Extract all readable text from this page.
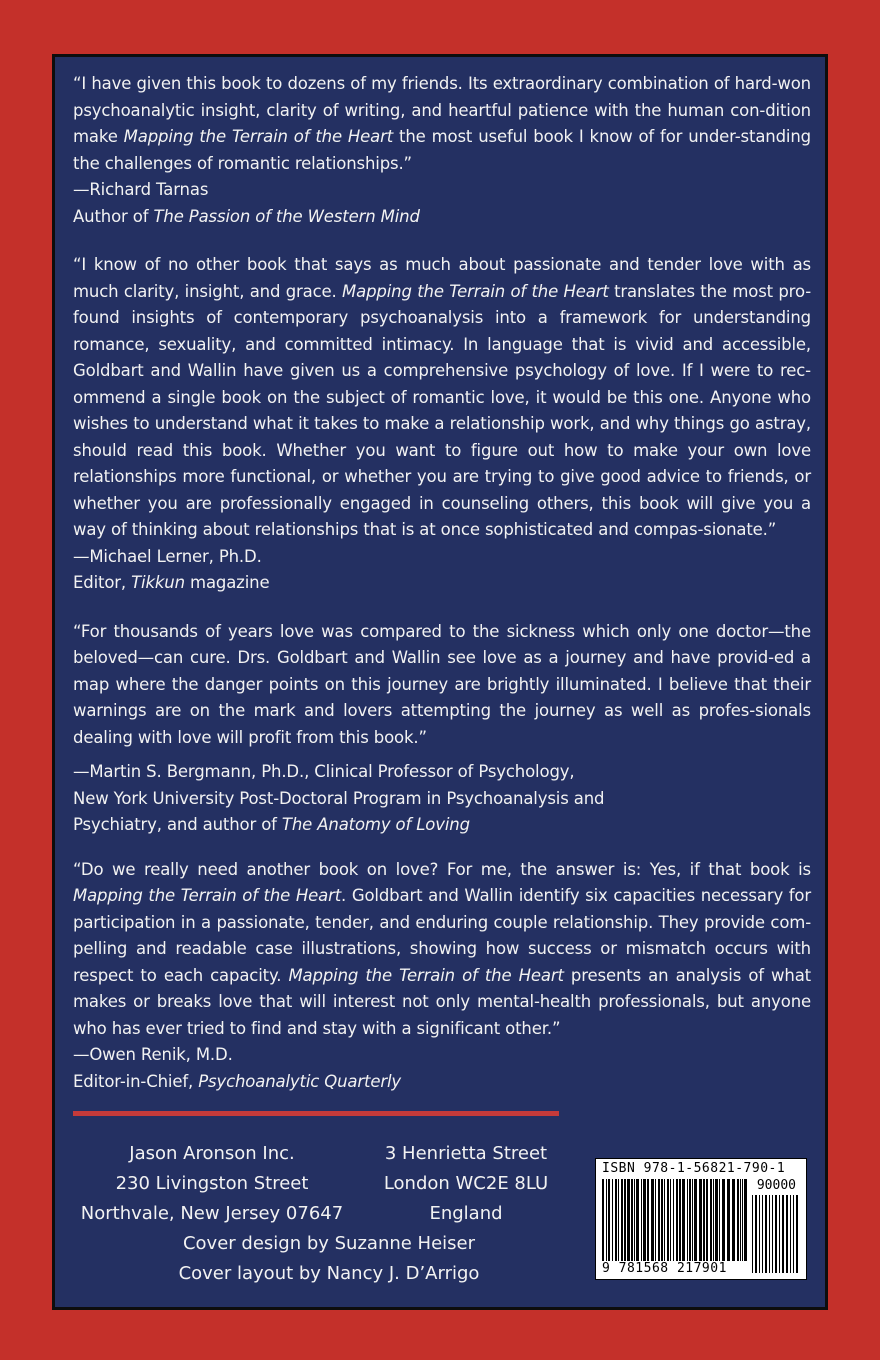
“I have given this book to dozens of my friends. Its extraordinary combination of hard-won psychoanalytic insight, clarity of writing, and heartful patience with the human con-dition make Mapping the Terrain of the Heart the most useful book I know of for under-standing the challenges of romantic relationships.”

—Richard Tarnas

Author of The Passion of the Western Mind

“I know of no other book that says as much about passionate and tender love with as much clarity, insight, and grace. Mapping the Terrain of the Heart translates the most pro-found insights of contemporary psychoanalysis into a framework for understanding romance, sexuality, and committed intimacy. In language that is vivid and accessible, Goldbart and Wallin have given us a comprehensive psychology of love. If I were to rec-ommend a single book on the subject of romantic love, it would be this one. Anyone who wishes to understand what it takes to make a relationship work, and why things go astray, should read this book. Whether you want to figure out how to make your own love relationships more functional, or whether you are trying to give good advice to friends, or whether you are professionally engaged in counseling others, this book will give you a way of thinking about relationships that is at once sophisticated and compas-sionate.”

—Michael Lerner, Ph.D.

Editor, Tikkun magazine

“For thousands of years love was compared to the sickness which only one doctor—the beloved—can cure. Drs. Goldbart and Wallin see love as a journey and have provid-ed a map where the danger points on this journey are brightly illuminated. I believe that their warnings are on the mark and lovers attempting the journey as well as profes-sionals dealing with love will profit from this book.”

—Martin S. Bergmann, Ph.D., Clinical Professor of Psychology,

New York University Post-Doctoral Program in Psychoanalysis and

Psychiatry, and author of The Anatomy of Loving

“Do we really need another book on love? For me, the answer is: Yes, if that book is Mapping the Terrain of the Heart. Goldbart and Wallin identify six capacities necessary for participation in a passionate, tender, and enduring couple relationship. They provide com-pelling and readable case illustrations, showing how success or mismatch occurs with respect to each capacity. Mapping the Terrain of the Heart presents an analysis of what makes or breaks love that will interest not only mental-health professionals, but anyone who has ever tried to find and stay with a significant other.”

—Owen Renik, M.D.

Editor-in-Chief, Psychoanalytic Quarterly

Jason Aronson Inc.
230 Livingston Street
Northvale, New Jersey 07647
3 Henrietta Street
London WC2E 8LU
England
Cover design by Suzanne Heiser
Cover layout by Nancy J. D’Arrigo
ISBN 978-1-56821-790-1
90000
9 781568 217901
